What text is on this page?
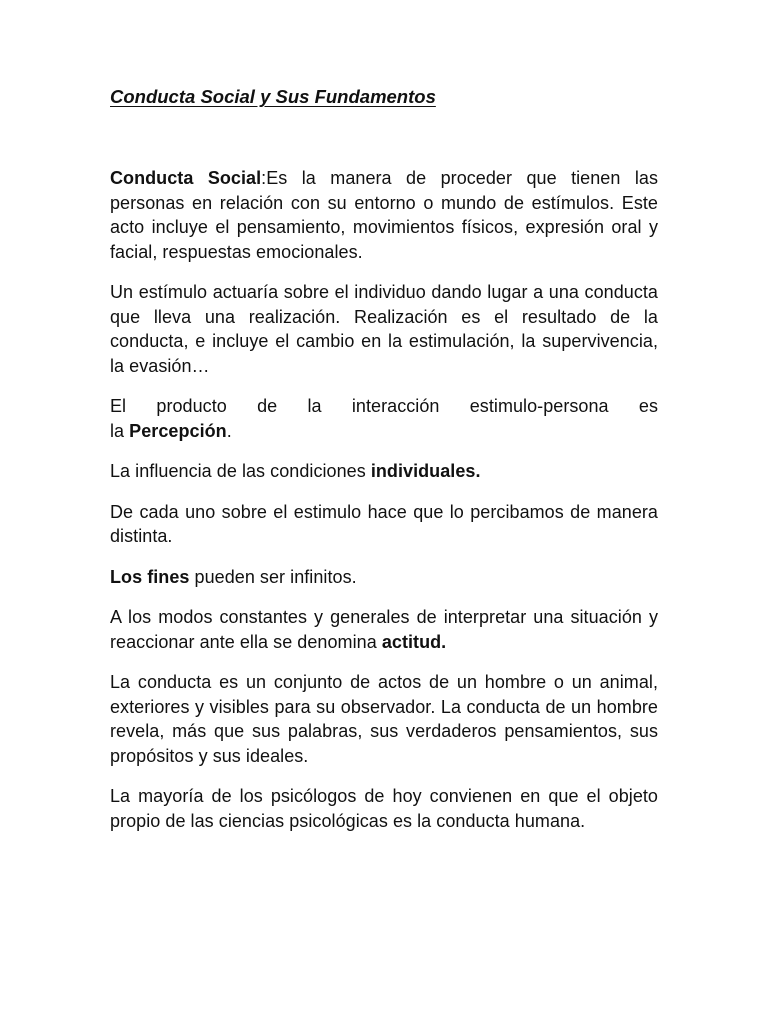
Conducta Social y Sus Fundamentos

Conducta Social:Es la manera de proceder que tienen las personas en relación con su entorno o mundo de estímulos. Este acto incluye el pensamiento, movimientos físicos, expresión oral y facial, respuestas emocionales.

Un estímulo actuaría sobre el individuo dando lugar a una conducta que lleva una realización. Realización es el resultado de la conducta, e incluye el cambio en la estimulación, la supervivencia, la evasión…

El producto de la interacción estimulo-persona es
la Percepción.

La influencia de las condiciones individuales.

De cada uno sobre el estimulo hace que lo percibamos de manera distinta.

Los fines pueden ser infinitos.

A los modos constantes y generales de interpretar una situación y reaccionar ante ella se denomina actitud.

La conducta es un conjunto de actos de un hombre o un animal, exteriores y visibles para su observador. La conducta de un hombre revela, más que sus palabras, sus verdaderos pensamientos, sus propósitos y sus ideales.

La mayoría de los psicólogos de hoy convienen en que el objeto propio de las ciencias psicológicas es la conducta humana.
